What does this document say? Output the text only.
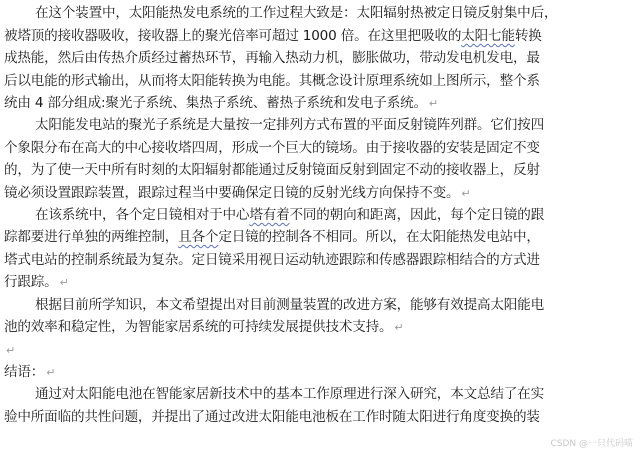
在这个装置中，太阳能热发电系统的工作过程大致是：太阳辐射热被定日镜反射集中后，
被塔顶的接收器吸收，接收器上的聚光倍率可超过 1000 倍。在这里把吸收的太阳七能转换
成热能，然后由传热介质经过蓄热环节，再输入热动力机，膨胀做功，带动发电机发电，最
后以电能的形式输出，从而将太阳能转换为电能。其概念设计原理系统如上图所示，整个系
统由 4 部分组成:聚光子系统、集热子系统、蓄热子系统和发电子系统。 ↵
太阳能发电站的聚光子系统是大量按一定排列方式布置的平面反射镜阵列群。它们按四
个象限分布在高大的中心接收塔四周，形成一个巨大的镜场。由于接收器的安装是固定不变
的，为了使一天中所有时刻的太阳辐射都能通过反射镜面反射到固定不动的接收器上，反射
镜必须设置跟踪装置，跟踪过程当中要确保定日镜的反射光线方向保持不变。 ↵
在该系统中，各个定日镜相对于中心塔有着不同的朝向和距离，因此，每个定日镜的跟
踪都要进行单独的两维控制，且各个定日镜的控制各不相同。所以，在太阳能热发电站中，
塔式电站的控制系统最为复杂。定日镜采用视日运动轨迹跟踪和传感器跟踪相结合的方式进
行跟踪。 ↵
根据目前所学知识，本文希望提出对目前测量装置的改进方案，能够有效提高太阳能电
池的效率和稳定性，为智能家居系统的可持续发展提供技术支持。 ↵
↵
结语： ↵
通过对太阳能电池在智能家居新技术中的基本工作原理进行深入研究，本文总结了在实
验中所面临的共性问题，并提出了通过改进太阳能电池板在工作时随太阳进行角度变换的装
CSDN @一只代码喵
